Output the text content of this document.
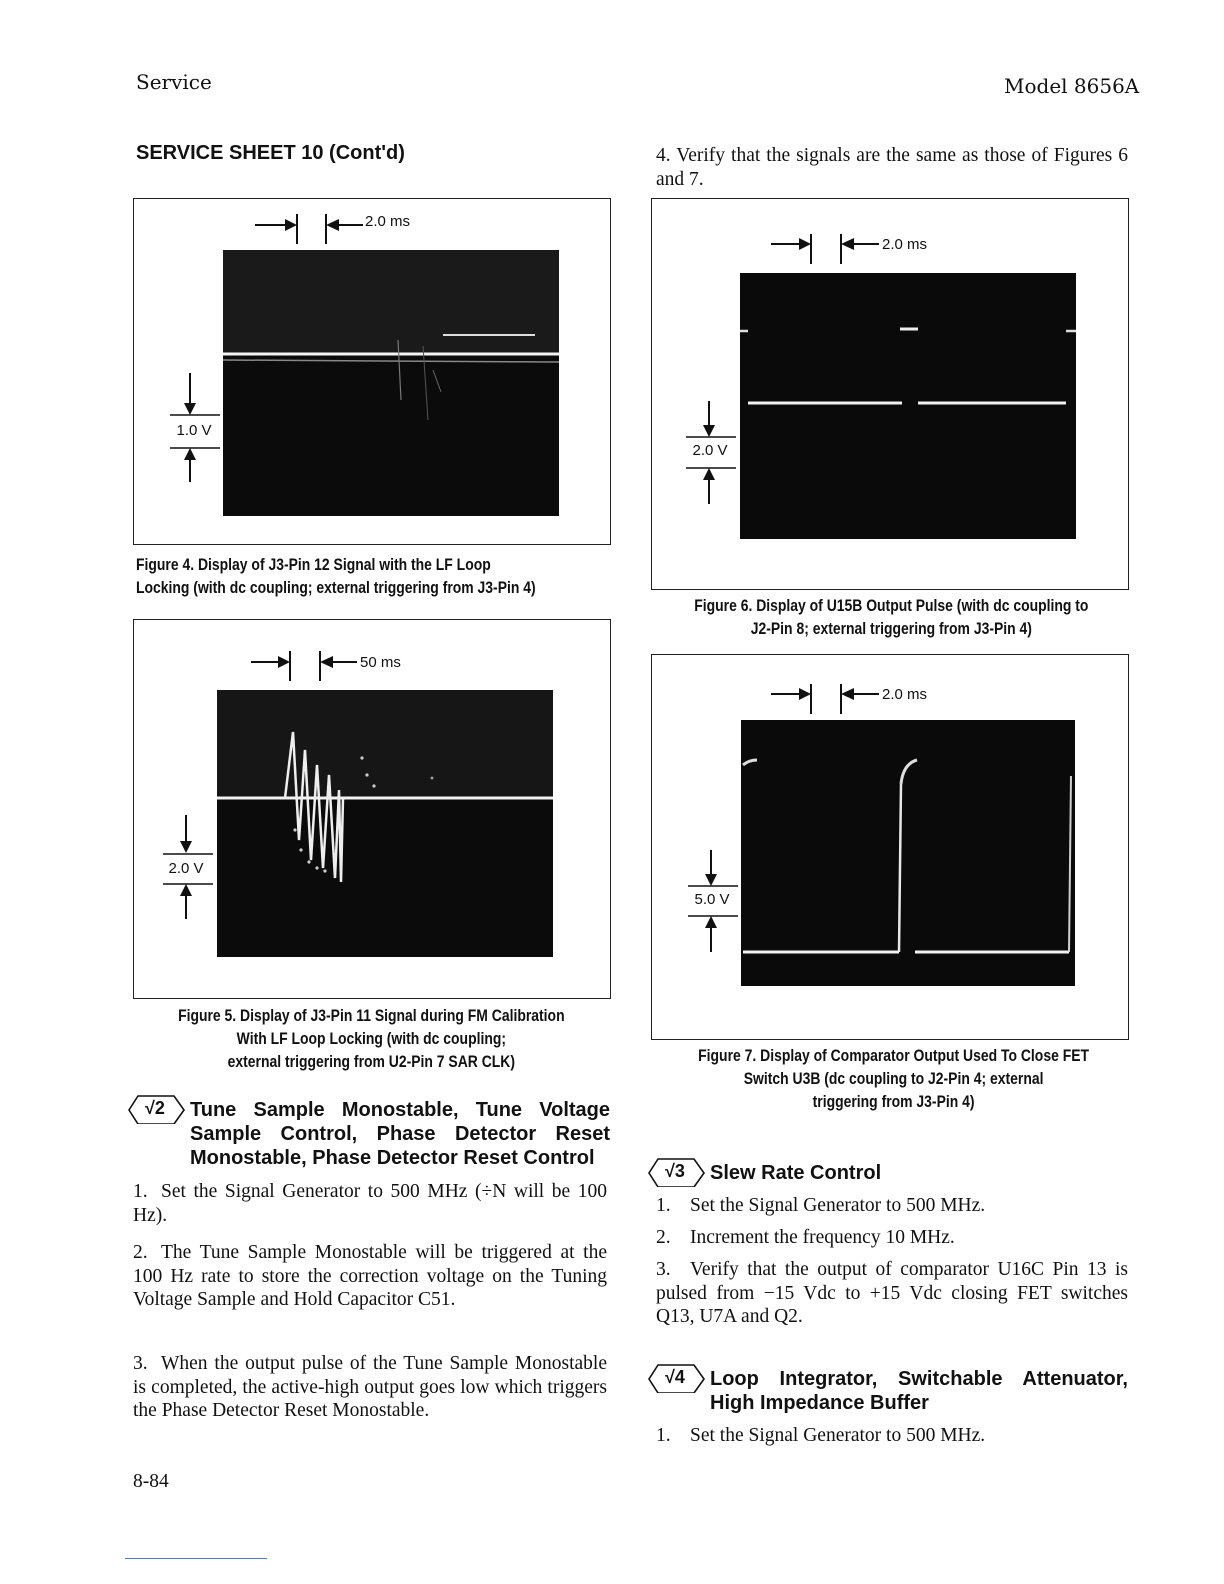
Service	Model 8656A
SERVICE SHEET 10 (Cont'd)	4. Verify that the signals are the same as those of Figures 6 and 7.
2.0 ms
1.0 V
Figure 4. Display of J3-Pin 12 Signal with the LF Loop
Locking (with dc coupling; external triggering from J3-Pin 4)
50 ms
2.0 V
Figure 5. Display of J3-Pin 11 Signal during FM Calibration
With LF Loop Locking (with dc coupling;
external triggering from U2-Pin 7 SAR CLK)
2.0 ms
2.0 V
Figure 6. Display of U15B Output Pulse (with dc coupling to
J2-Pin 8; external triggering from J3-Pin 4)
2.0 ms
5.0 V
Figure 7. Display of Comparator Output Used To Close FET
Switch U3B (dc coupling to J2-Pin 4; external
triggering from J3-Pin 4)
√2	Tune Sample Monostable, Tune Voltage
Sample Control, Phase Detector Reset
Monostable, Phase Detector Reset Control
1. Set the Signal Generator to 500 MHz (÷N will be 100 Hz).
2. The Tune Sample Monostable will be triggered at the 100 Hz rate to store the correction voltage on the Tuning Voltage Sample and Hold Capacitor C51.
3. When the output pulse of the Tune Sample Monostable is completed, the active-high output goes low which triggers the Phase Detector Reset Monostable.
√3	Slew Rate Control
1. Set the Signal Generator to 500 MHz.
2. Increment the frequency 10 MHz.
3. Verify that the output of comparator U16C Pin 13 is pulsed from −15 Vdc to +15 Vdc closing FET switches Q13, U7A and Q2.
√4	Loop Integrator, Switchable Attenuator,
High Impedance Buffer
1. Set the Signal Generator to 500 MHz.
8-84
